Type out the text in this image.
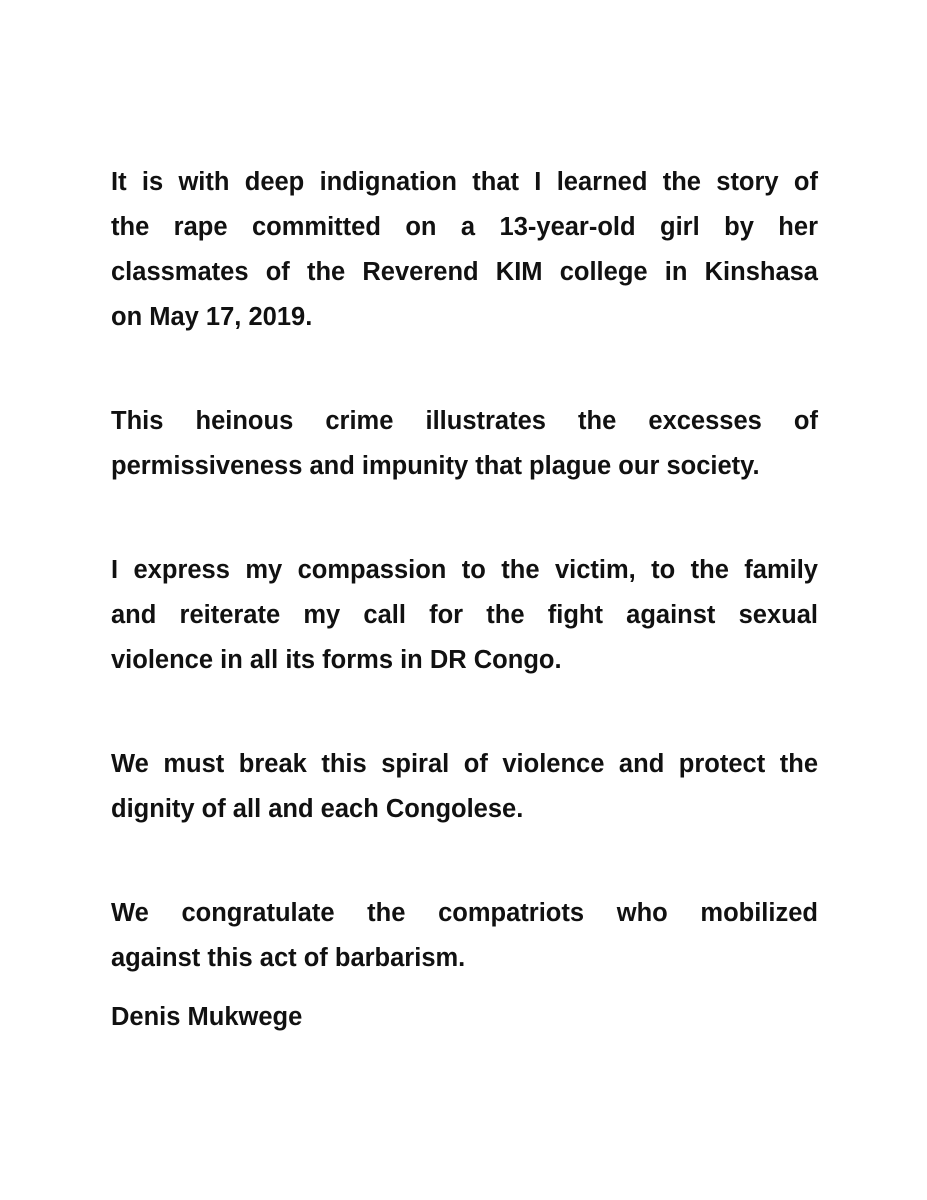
It is with deep indignation that I learned the story of
the rape committed on a 13-year-old girl by her
classmates of the Reverend KIM college in Kinshasa
on May 17, 2019.

This heinous crime illustrates the excesses of
permissiveness and impunity that plague our society.

I express my compassion to the victim, to the family
and reiterate my call for the fight against sexual
violence in all its forms in DR Congo.

We must break this spiral of violence and protect the
dignity of all and each Congolese.

We congratulate the compatriots who mobilized
against this act of barbarism.

Denis Mukwege
